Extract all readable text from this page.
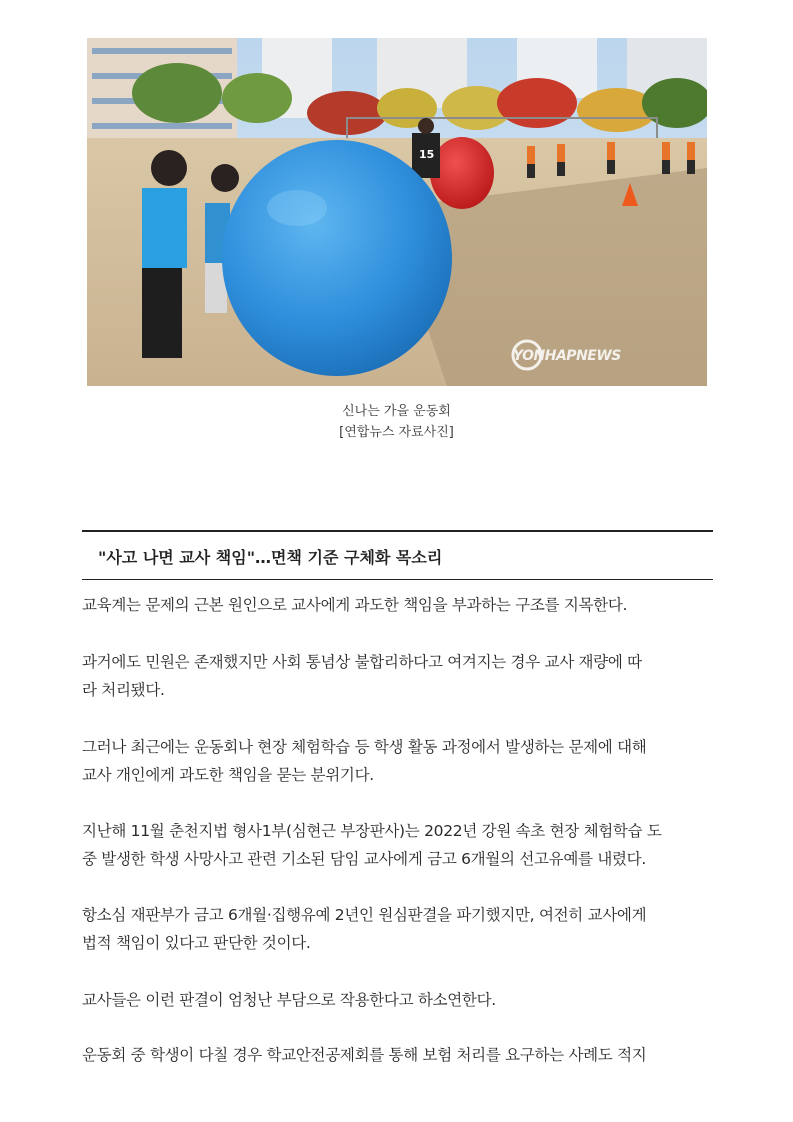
15
YONHAPNEWS
신나는 가을 운동회
[연합뉴스 자료사진]
"사고 나면 교사 책임"…면책 기준 구체화 목소리
교육계는 문제의 근본 원인으로 교사에게 과도한 책임을 부과하는 구조를 지목한다.
과거에도 민원은 존재했지만 사회 통념상 불합리하다고 여겨지는 경우 교사 재량에 따
라 처리됐다.
그러나 최근에는 운동회나 현장 체험학습 등 학생 활동 과정에서 발생하는 문제에 대해
교사 개인에게 과도한 책임을 묻는 분위기다.
지난해 11월 춘천지법 형사1부(심현근 부장판사)는 2022년 강원 속초 현장 체험학습 도
중 발생한 학생 사망사고 관련 기소된 담임 교사에게 금고 6개월의 선고유예를 내렸다.
항소심 재판부가 금고 6개월·집행유예 2년인 원심판결을 파기했지만, 여전히 교사에게
법적 책임이 있다고 판단한 것이다.
교사들은 이런 판결이 엄청난 부담으로 작용한다고 하소연한다.
운동회 중 학생이 다칠 경우 학교안전공제회를 통해 보험 처리를 요구하는 사례도 적지
